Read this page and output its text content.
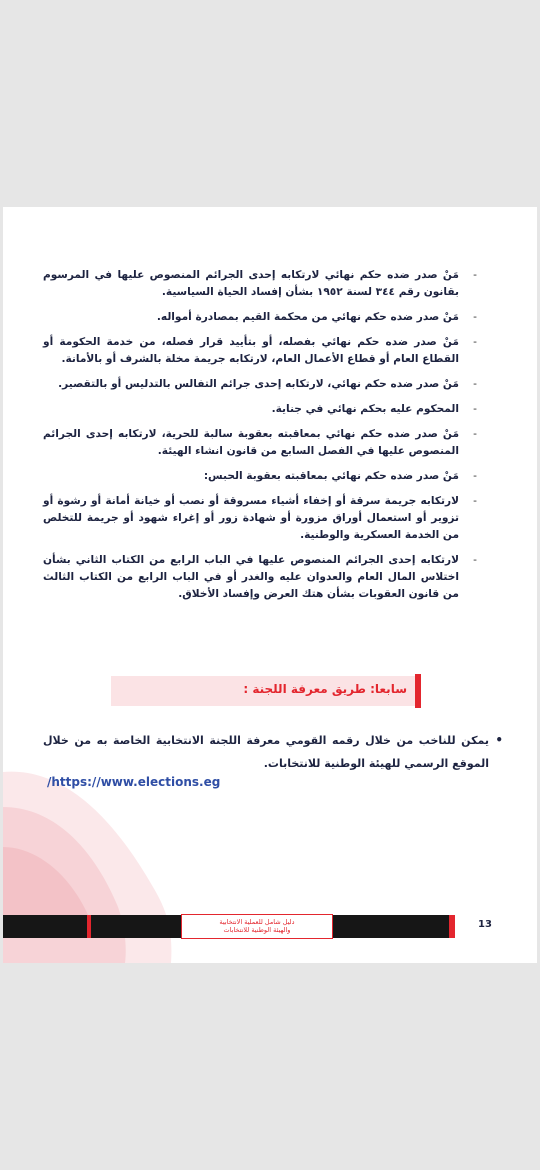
-
مَنْ صدر ضده حكم نهائي لارتكابه إحدى الجرائم المنصوص عليها في المرسوم بقانون رقم ٣٤٤ لسنة ١٩٥٢ بشأن إفساد الحياة السياسية.
-
مَنْ صدر ضده حكم نهائي من محكمة القيم بمصادرة أمواله.
-
مَنْ صدر ضده حكم نهائي بفصله، أو بتأييد قرار فصله، من خدمة الحكومة أو القطاع العام أو قطاع الأعمال العام، لارتكابه جريمة مخلة بالشرف أو بالأمانة.
-
مَنْ صدر ضده حكم نهائي، لارتكابه إحدى جرائم التفالس بالتدليس أو بالتقصير.
-
المحكوم عليه بحكم نهائي في جناية.
-
مَنْ صدر ضده حكم نهائي بمعاقبته بعقوبة سالبة للحرية، لارتكابه إحدى الجرائم المنصوص عليها في الفصل السابع من قانون انشاء الهيئة.
-
مَنْ صدر ضده حكم نهائي بمعاقبته بعقوبة الحبس:
-
لارتكابه جريمة سرقة أو إخفاء أشياء مسروقة أو نصب أو خيانة أمانة أو رشوة أو تزوير أو استعمال أوراق مزورة أو شهادة زور أو إغراء شهود أو جريمة للتخلص من الخدمة العسكرية والوطنية.
-
لارتكابه إحدى الجرائم المنصوص عليها في الباب الرابع من الكتاب الثاني بشأن اختلاس المال العام والعدوان عليه والغدر أو في الباب الرابع من الكتاب الثالث من قانون العقوبات بشأن هتك العرض وإفساد الأخلاق.
سابعا: طريق معرفة اللجنة :
•
يمكن للناخب من خلال رقمه القومي معرفة اللجنة الانتخابية الخاصة به من خلال الموقع الرسمي للهيئة الوطنية للانتخابات.
/https://www.elections.eg
دليل شامل للعملية الانتخابية
والهيئة الوطنية للانتخابات	13
